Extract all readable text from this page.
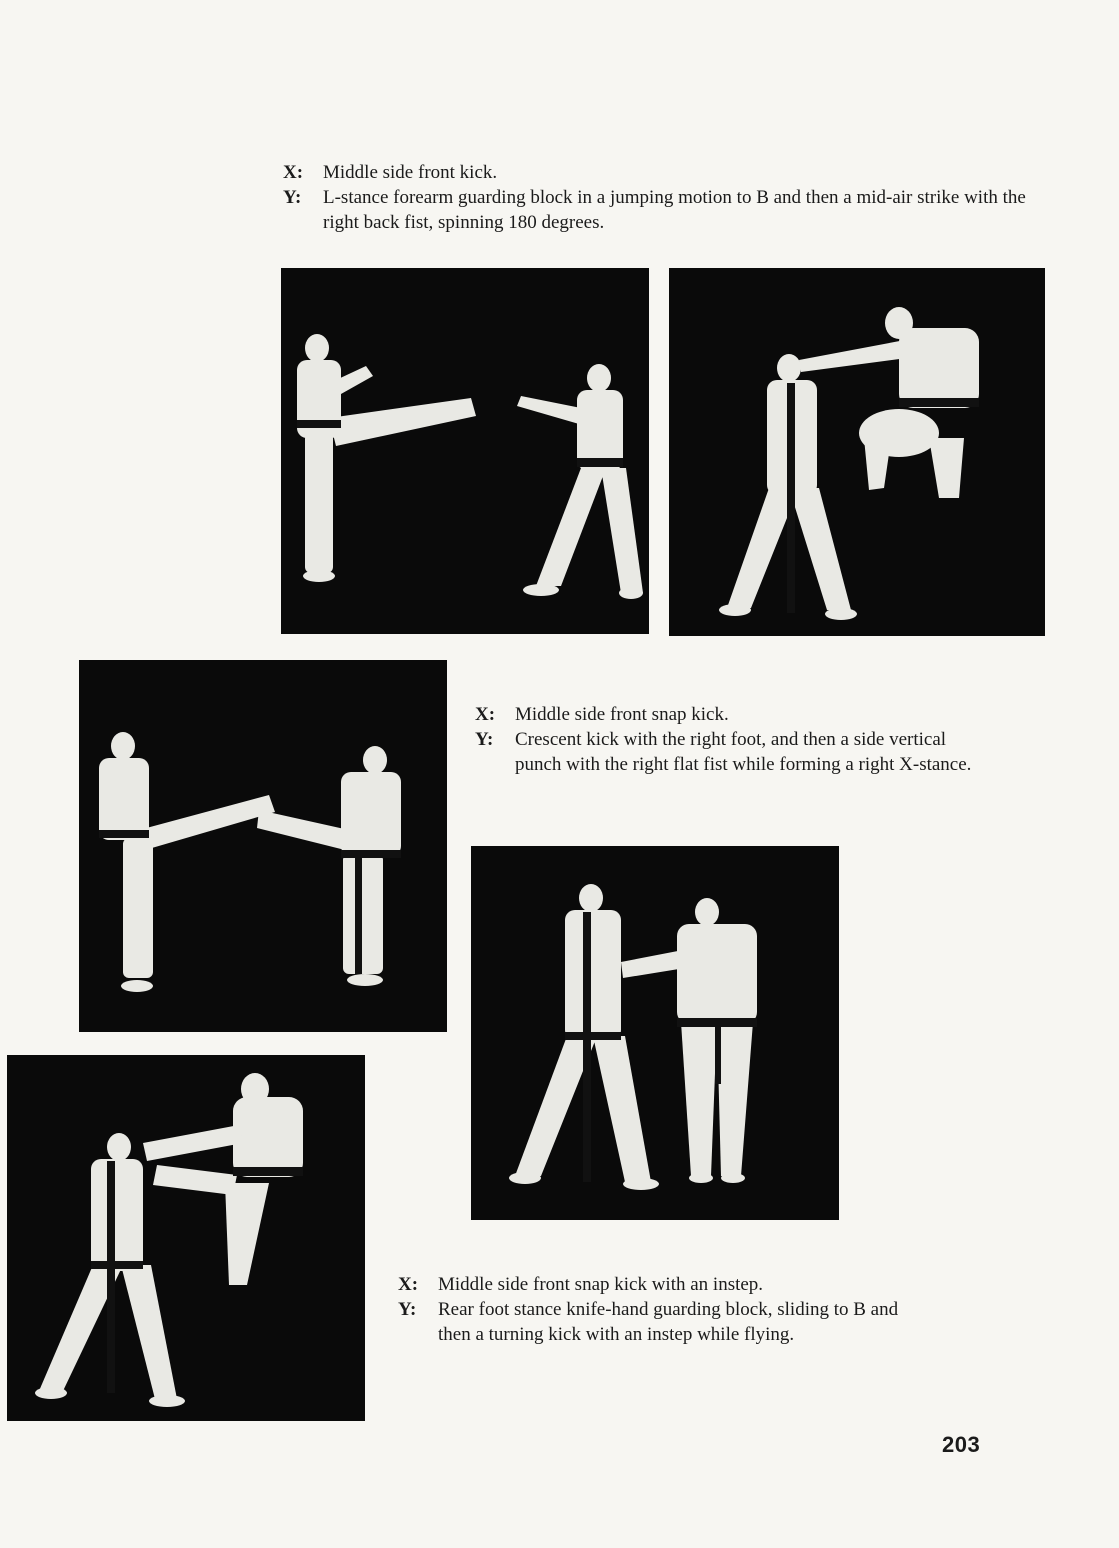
X:	Middle side front kick.
Y:	L-stance forearm guarding block in a jumping motion to B and then a mid-air strike with the right back fist, spinning 180 degrees.
X:	Middle side front snap kick.
Y:	Crescent kick with the right foot, and then a side vertical punch with the right flat fist while forming a right X-stance.
X:	Middle side front snap kick with an instep.
Y:	Rear foot stance knife-hand guarding block, sliding to B and then a turning kick with an instep while flying.
203
